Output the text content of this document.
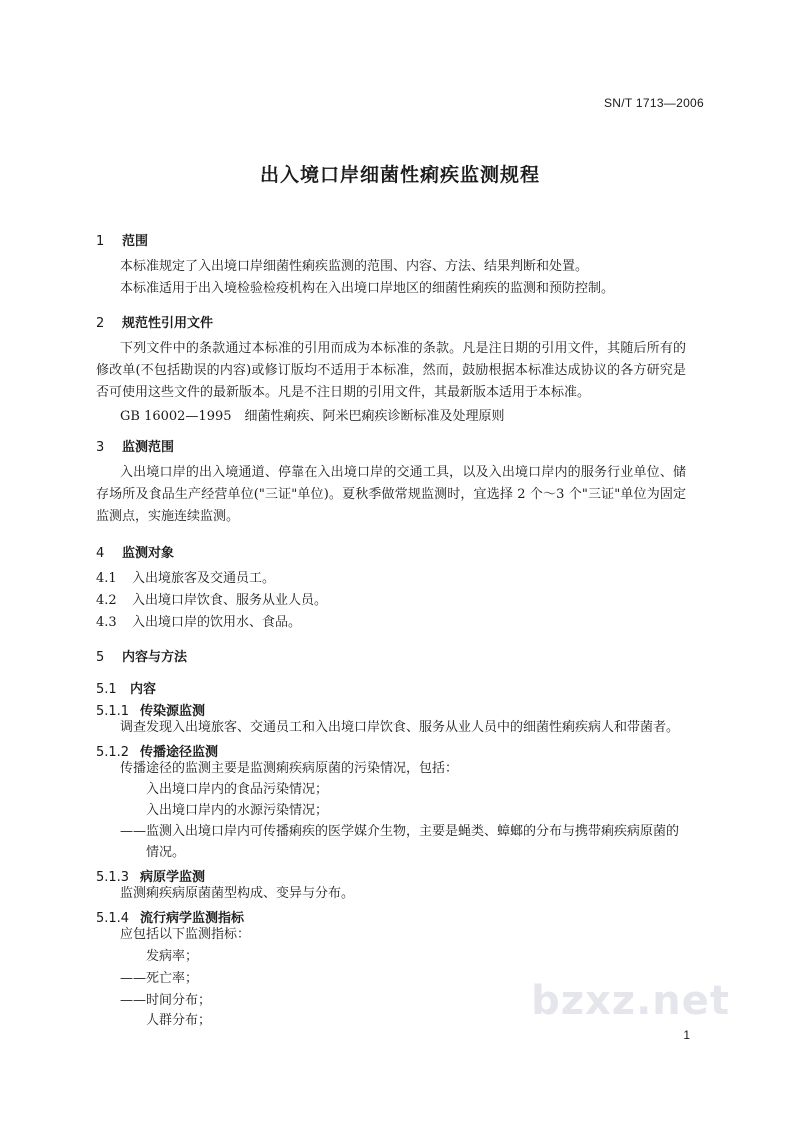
SN/T 1713—2006
出入境口岸细菌性痢疾监测规程
1 范围
本标准规定了入出境口岸细菌性痢疾监测的范围、内容、方法、结果判断和处置。
本标准适用于出入境检验检疫机构在入出境口岸地区的细菌性痢疾的监测和预防控制。
2 规范性引用文件
下列文件中的条款通过本标准的引用而成为本标准的条款。凡是注日期的引用文件，其随后所有的修改单(不包括勘误的内容)或修订版均不适用于本标准，然而，鼓励根据本标准达成协议的各方研究是否可使用这些文件的最新版本。凡是不注日期的引用文件，其最新版本适用于本标准。
GB 16002—1995　细菌性痢疾、阿米巴痢疾诊断标准及处理原则
3 监测范围
入出境口岸的出入境通道、停靠在入出境口岸的交通工具，以及入出境口岸内的服务行业单位、储存场所及食品生产经营单位("三证"单位)。夏秋季做常规监测时，宜选择 2 个～3 个"三证"单位为固定监测点，实施连续监测。
4 监测对象
4.1 入出境旅客及交通员工。
4.2 入出境口岸饮食、服务从业人员。
4.3 入出境口岸的饮用水、食品。
5 内容与方法
5.1 内容
5.1.1 传染源监测
调查发现入出境旅客、交通员工和入出境口岸饮食、服务从业人员中的细菌性痢疾病人和带菌者。
5.1.2 传播途径监测
传播途径的监测主要是监测痢疾病原菌的污染情况，包括：
入出境口岸内的食品污染情况；
入出境口岸内的水源污染情况；
——监测入出境口岸内可传播痢疾的医学媒介生物，主要是蝇类、蟑螂的分布与携带痢疾病原菌的
情况。
5.1.3 病原学监测
监测痢疾病原菌菌型构成、变异与分布。
5.1.4 流行病学监测指标
应包括以下监测指标：
发病率；
——死亡率；
——时间分布；
人群分布；	bzxz.net
1
